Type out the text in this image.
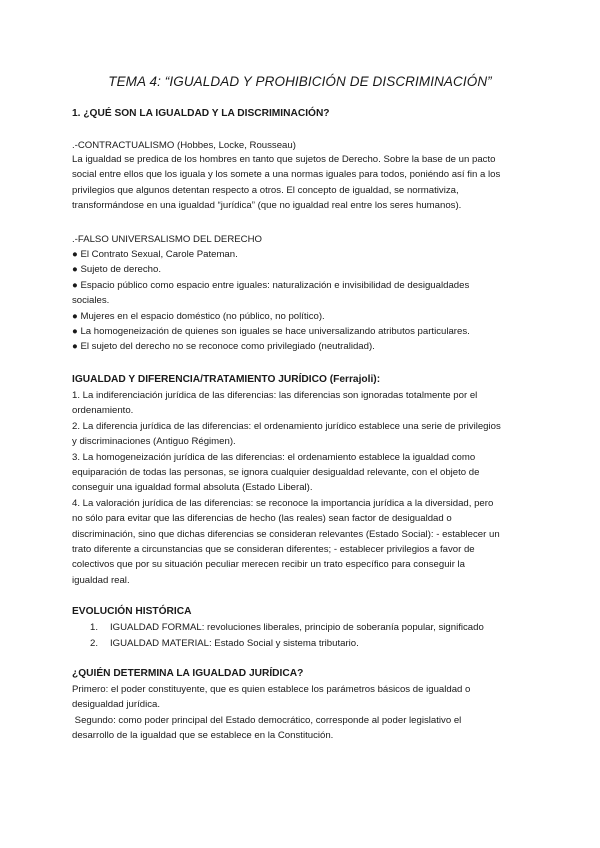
TEMA 4: “IGUALDAD Y PROHIBICIÓN DE DISCRIMINACIÓN”
1. ¿QUÉ SON LA IGUALDAD Y LA DISCRIMINACIÓN?
.-CONTRACTUALISMO (Hobbes, Locke, Rousseau)
La igualdad se predica de los hombres en tanto que sujetos de Derecho. Sobre la base de un pacto
social entre ellos que los iguala y los somete a una normas iguales para todos, poniéndo así fin a los
privilegios que algunos detentan respecto a otros. El concepto de igualdad, se normativiza,
transformándose en una igualdad “jurídica” (que no igualdad real entre los seres humanos).
.-FALSO UNIVERSALISMO DEL DERECHO
● El Contrato Sexual, Carole Pateman.
● Sujeto de derecho.
● Espacio público como espacio entre iguales: naturalización e invisibilidad de desigualdades
sociales.
● Mujeres en el espacio doméstico (no público, no político).
● La homogeneización de quienes son iguales se hace universalizando atributos particulares.
● El sujeto del derecho no se reconoce como privilegiado (neutralidad).
IGUALDAD Y DIFERENCIA/TRATAMIENTO JURÍDICO (Ferrajoli):
1. La indiferenciación jurídica de las diferencias: las diferencias son ignoradas totalmente por el
ordenamiento.
2. La diferencia jurídica de las diferencias: el ordenamiento jurídico establece una serie de privilegios
y discriminaciones (Antiguo Régimen).
3. La homogeneización jurídica de las diferencias: el ordenamiento establece la igualdad como
equiparación de todas las personas, se ignora cualquier desigualdad relevante, con el objeto de
conseguir una igualdad formal absoluta (Estado Liberal).
4. La valoración jurídica de las diferencias: se reconoce la importancia jurídica a la diversidad, pero
no sólo para evitar que las diferencias de hecho (las reales) sean factor de desigualdad o
discriminación, sino que dichas diferencias se consideran relevantes (Estado Social): - establecer un
trato diferente a circunstancias que se consideran diferentes; - establecer privilegios a favor de
colectivos que por su situación peculiar merecen recibir un trato específico para conseguir la
igualdad real.
EVOLUCIÓN HISTÓRICA
1. IGUALDAD FORMAL: revoluciones liberales, principio de soberanía popular, significado
2. IGUALDAD MATERIAL: Estado Social y sistema tributario.
¿QUIÉN DETERMINA LA IGUALDAD JURÍDICA?
Primero: el poder constituyente, que es quien establece los parámetros básicos de igualdad o
desigualdad jurídica.
Segundo: como poder principal del Estado democrático, corresponde al poder legislativo el
desarrollo de la igualdad que se establece en la Constitución.
